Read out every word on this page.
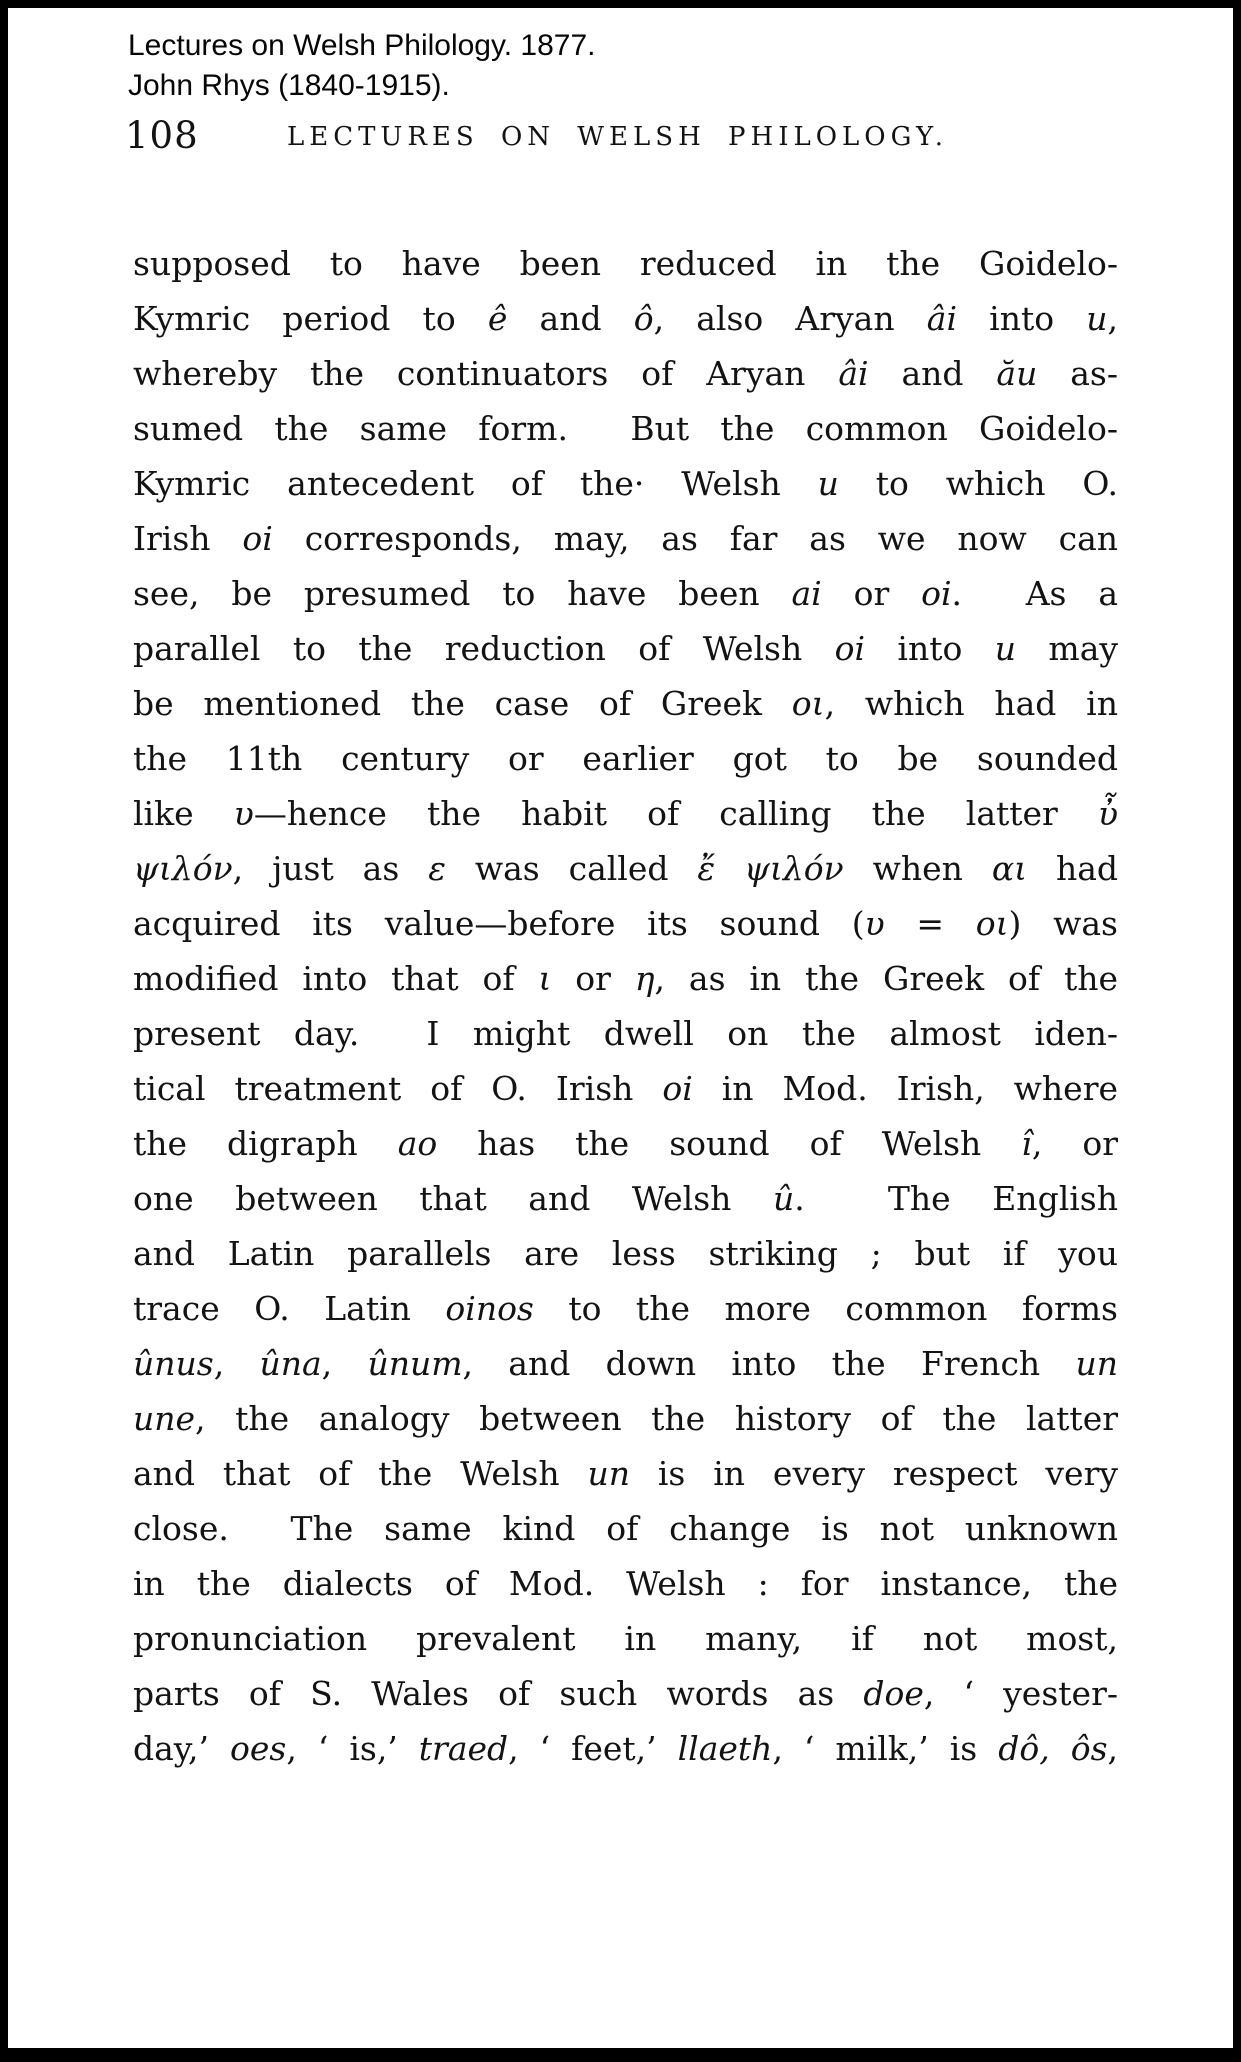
Lectures on Welsh Philology. 1877.
John Rhys (1840-1915).
108	LECTURES ON WELSH PHILOLOGY.
supposed to have been reduced in the Goidelo-
Kymric period to ê and ô, also Aryan âi into u,
whereby the continuators of Aryan âi and ău as-
sumed the same form.  But the common Goidelo-
Kymric antecedent of the· Welsh u to which O.
Irish oi corresponds, may, as far as we now can
see, be presumed to have been ai or oi.  As a
parallel to the reduction of Welsh oi into u may
be mentioned the case of Greek οι, which had in
the 11th century or earlier got to be sounded
like υ—hence the habit of calling the latter ὖ
ψιλόν, just as ε was called ἔ ψιλόν when αι had
acquired its value—before its sound (υ = οι) was
modified into that of ι or η, as in the Greek of the
present day.  I might dwell on the almost iden-
tical treatment of O. Irish oi in Mod. Irish, where
the digraph ao has the sound of Welsh î, or
one between that and Welsh û.  The English
and Latin parallels are less striking ; but if you
trace O. Latin oinos to the more common forms
ûnus, ûna, ûnum, and down into the French un
une, the analogy between the history of the latter
and that of the Welsh un is in every respect very
close.  The same kind of change is not unknown
in the dialects of Mod. Welsh : for instance, the
pronunciation prevalent in many, if not most,
parts of S. Wales of such words as doe, ‘ yester-
day,’ oes, ‘ is,’ traed, ‘ feet,’ llaeth, ‘ milk,’ is dô, ôs,
